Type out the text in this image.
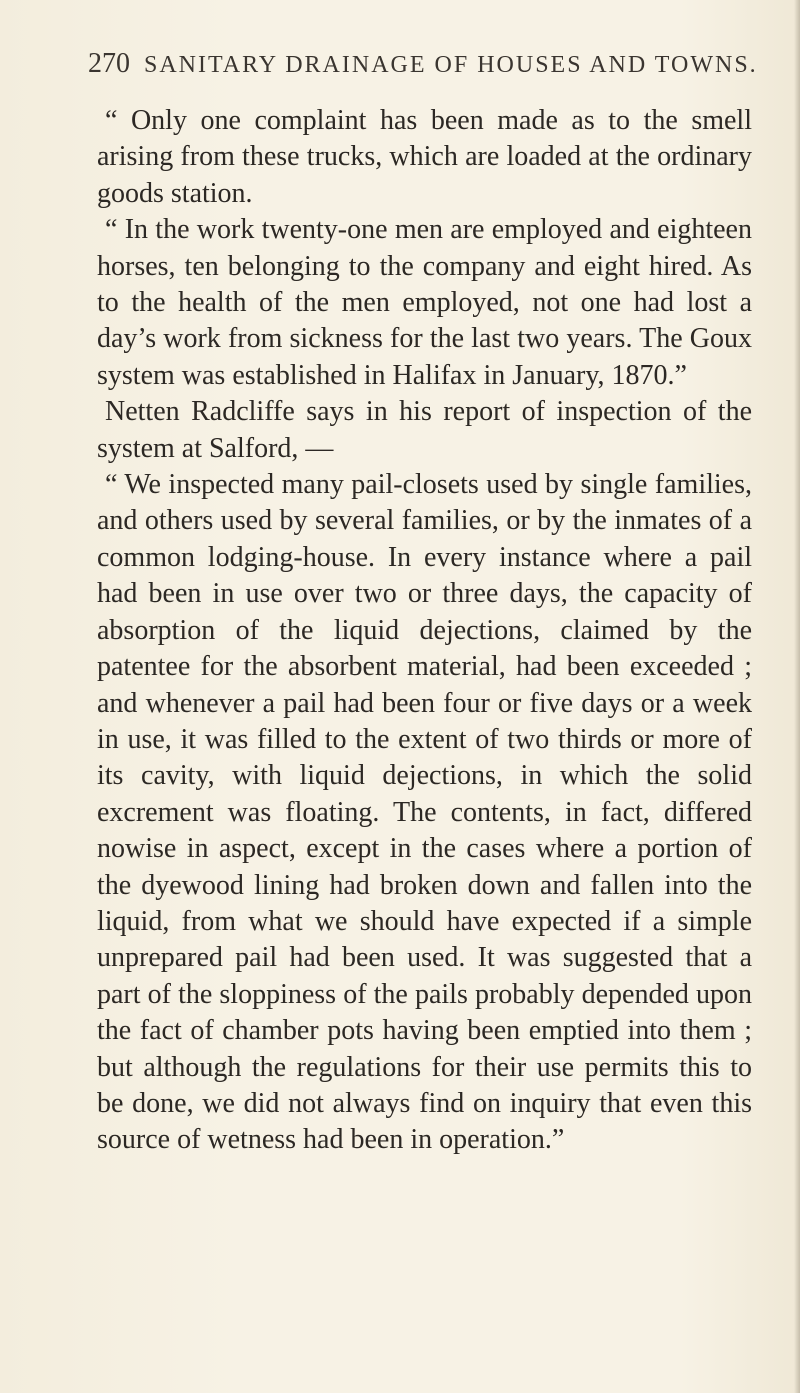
270 SANITARY DRAINAGE OF HOUSES AND TOWNS.

“ Only one complaint has been made as to the smell arising from these trucks, which are loaded at the ordinary goods station.

“ In the work twenty-one men are employed and eighteen horses, ten belonging to the company and eight hired. As to the health of the men employed, not one had lost a day’s work from sickness for the last two years. The Goux system was established in Halifax in January, 1870.”

Netten Radcliffe says in his report of inspection of the system at Salford, —

“ We inspected many pail-closets used by single families, and others used by several families, or by the inmates of a common lodging-house. In every instance where a pail had been in use over two or three days, the capacity of absorption of the liquid dejections, claimed by the patentee for the absorbent material, had been exceeded ; and whenever a pail had been four or five days or a week in use, it was filled to the extent of two thirds or more of its cavity, with liquid dejections, in which the solid excrement was floating. The contents, in fact, differed nowise in aspect, except in the cases where a portion of the dyewood lining had broken down and fallen into the liquid, from what we should have expected if a simple unprepared pail had been used. It was suggested that a part of the sloppiness of the pails probably depended upon the fact of chamber pots having been emptied into them ; but although the regulations for their use permits this to be done, we did not always find on inquiry that even this source of wetness had been in operation.”
